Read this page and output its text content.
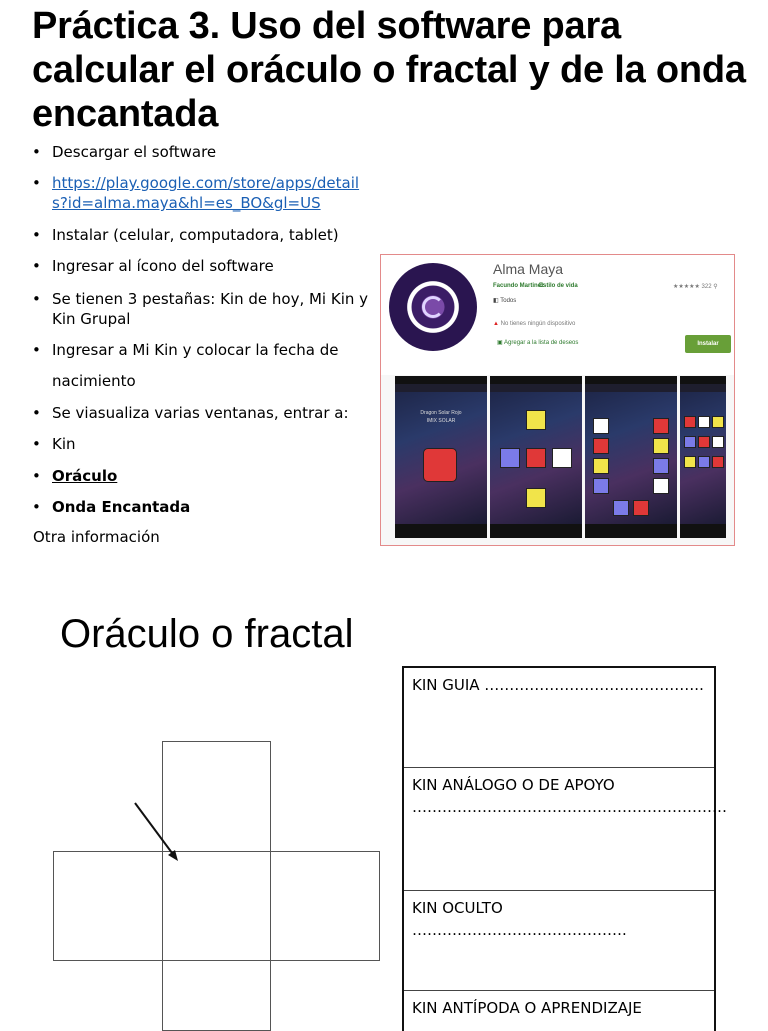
Práctica 3. Uso del software para calcular el oráculo o fractal y de la onda encantada
• Descargar el software
• https://play.google.com/store/apps/detail
s?id=alma.maya&hl=es_BO&gl=US
• Instalar (celular, computadora, tablet)
• Ingresar al ícono del software
• Se tienen 3 pestañas: Kin de hoy, Mi Kin y
Kin Grupal
• Ingresar a Mi Kin y colocar la fecha de
nacimiento
• Se viasualiza varias ventanas, entrar a:
• Kin
• Oráculo
• Onda Encantada
Otra información
Alma Maya
Facundo Martinez
Estilo de vida	★★★★★ 322 ⚲
◧ Todos
▲ No tienes ningún dispositivo
▣ Agregar a la lista de deseos	Instalar
Dragon Solar Rojo
IMIX SOLAR
Oráculo o fractal
KIN GUIA ……………………………………..
KIN ANÁLOGO O DE APOYO
………………………………………………………
KIN OCULTO …………………………………….
KIN ANTÍPODA O APRENDIZAJE
